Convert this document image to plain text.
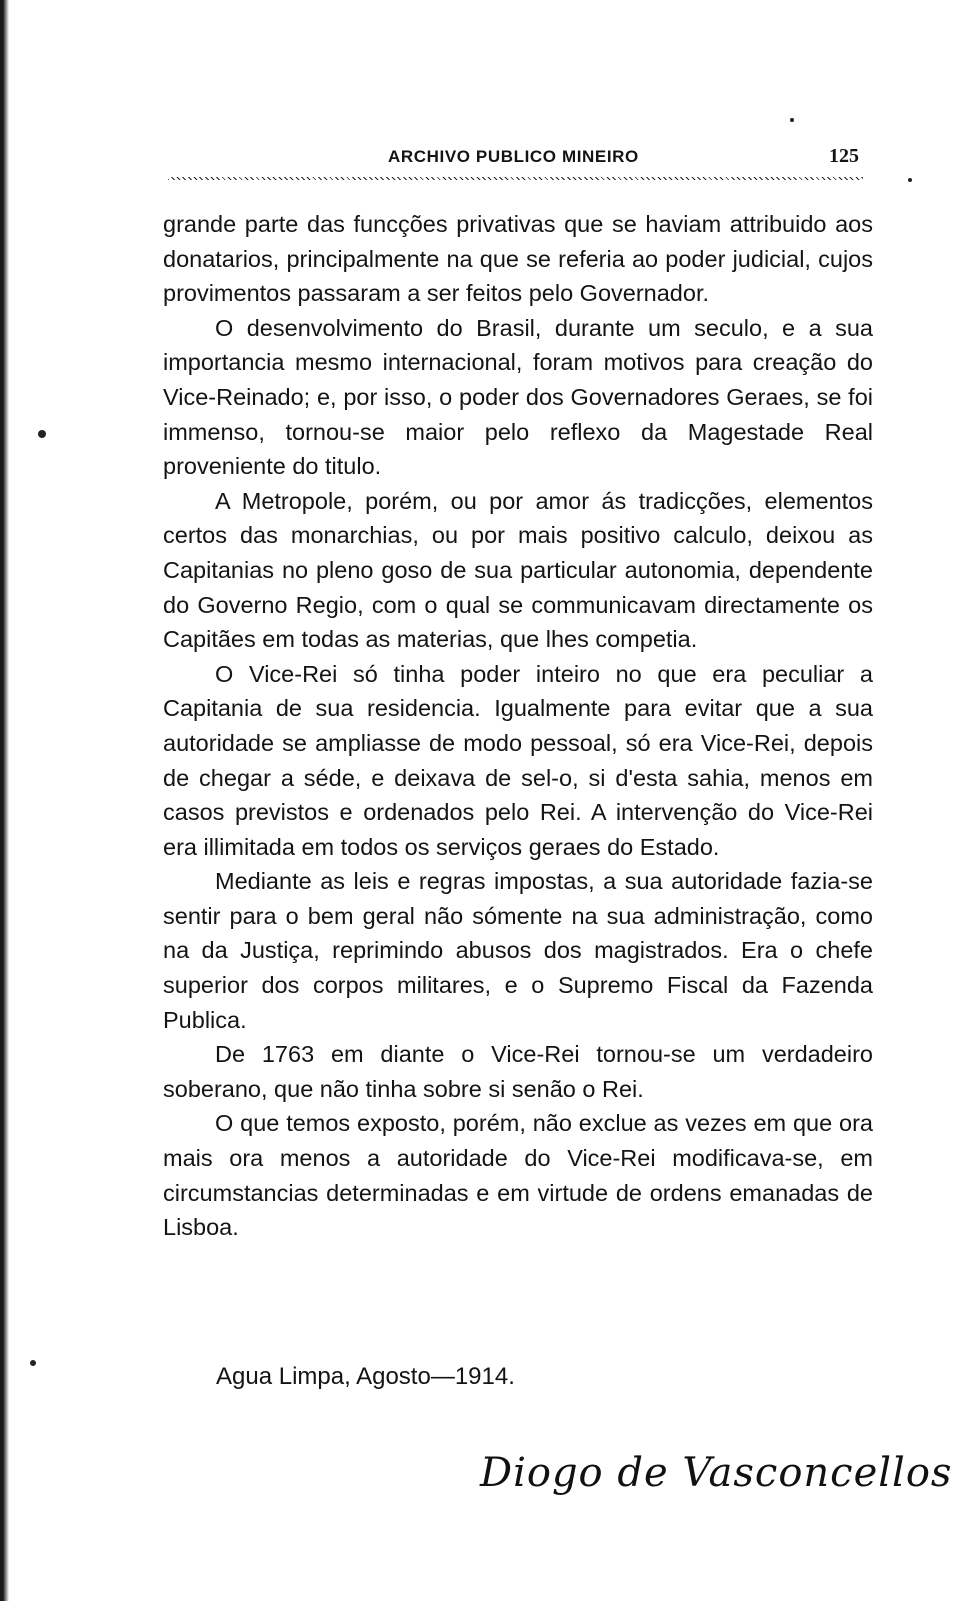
ARCHIVO PUBLICO MINEIRO	125

grande parte das funcções privativas que se haviam attribuido aos donatarios, principalmente na que se referia ao poder judicial, cujos provimentos passaram a ser feitos pelo Governador.

O desenvolvimento do Brasil, durante um seculo, e a sua importancia mesmo internacional, foram motivos para creação do Vice-Reinado; e, por isso, o poder dos Governadores Geraes, se foi immenso, tornou-se maior pelo reflexo da Magestade Real proveniente do titulo.

A Metropole, porém, ou por amor ás tradicções, elementos certos das monarchias, ou por mais positivo calculo, deixou as Capitanias no pleno goso de sua particular autonomia, dependente do Governo Regio, com o qual se communicavam directamente os Capitães em todas as materias, que lhes competia.

O Vice-Rei só tinha poder inteiro no que era peculiar a Capitania de sua residencia. Igualmente para evitar que a sua autoridade se ampliasse de modo pessoal, só era Vice-Rei, depois de chegar a séde, e deixava de sel-o, si d'esta sahia, menos em casos previstos e ordenados pelo Rei. A intervenção do Vice-Rei era illimitada em todos os serviços geraes do Estado.

Mediante as leis e regras impostas, a sua autoridade fazia-se sentir para o bem geral não sómente na sua administração, como na da Justiça, reprimindo abusos dos magistrados. Era o chefe superior dos corpos militares, e o Supremo Fiscal da Fazenda Publica.

De 1763 em diante o Vice-Rei tornou-se um verdadeiro soberano, que não tinha sobre si senão o Rei.

O que temos exposto, porém, não exclue as vezes em que ora mais ora menos a autoridade do Vice-Rei modificava-se, em circumstancias determinadas e em virtude de ordens emanadas de Lisboa.

Agua Limpa, Agosto—1914.
Diogo de Vasconcellos
